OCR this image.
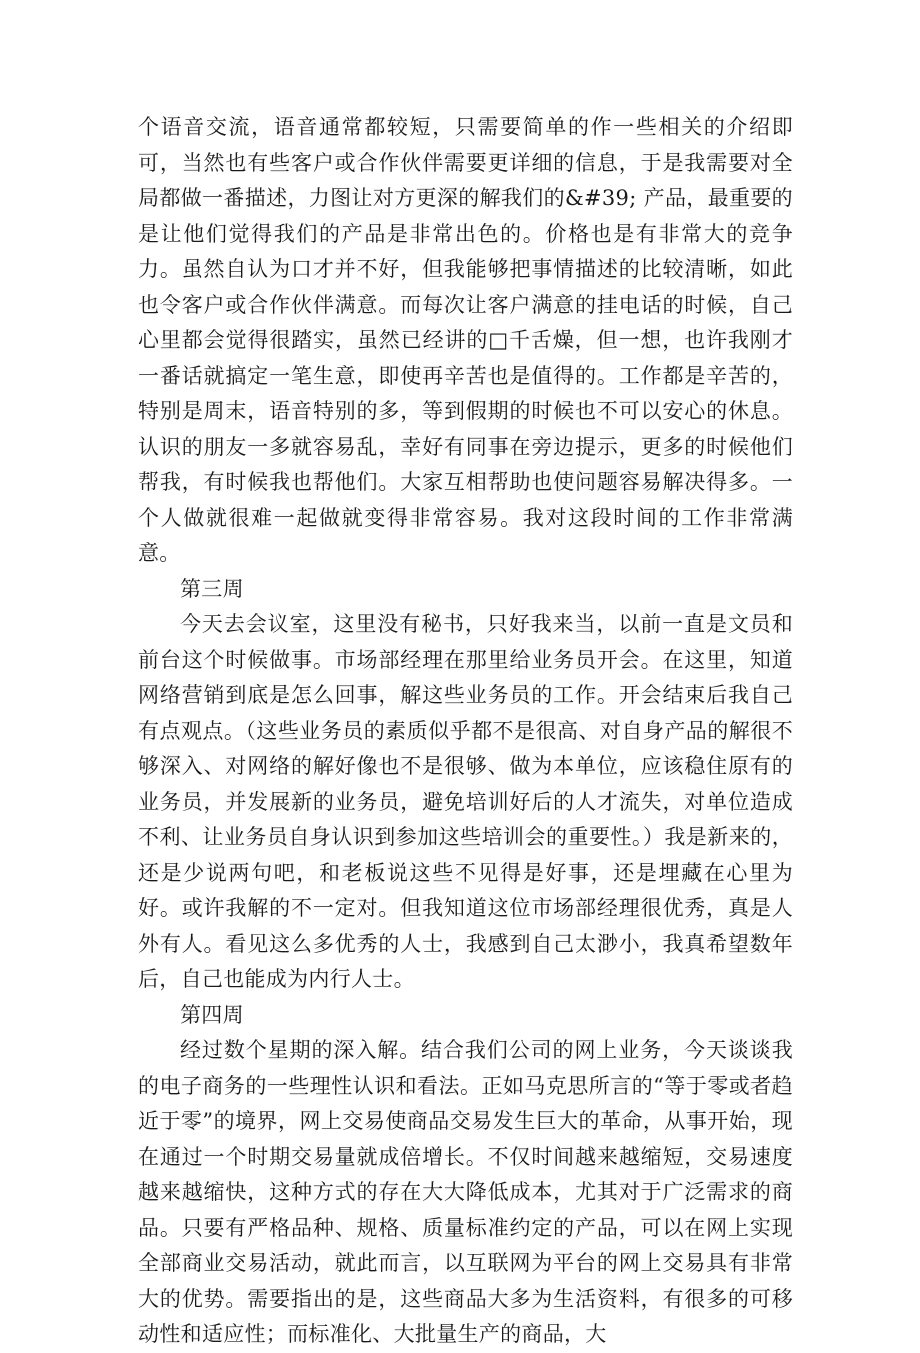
个语音交流，语音通常都较短，只需要简单的作一些相关的介绍即可，当然也有些客户或合作伙伴需要更详细的信息，于是我需要对全局都做一番描述，力图让对方更深的解我们的&#39; 产品，最重要的是让他们觉得我们的产品是非常出色的。价格也是有非常大的竞争力。虽然自认为口才并不好，但我能够把事情描述的比较清晰，如此也令客户或合作伙伴满意。而每次让客户满意的挂电话的时候，自己心里都会觉得很踏实，虽然已经讲的□千舌燥，但一想，也许我刚才一番话就搞定一笔生意，即使再辛苦也是值得的。工作都是辛苦的，特别是周末，语音特别的多，等到假期的时候也不可以安心的休息。认识的朋友一多就容易乱，幸好有同事在旁边提示，更多的时候他们帮我，有时候我也帮他们。大家互相帮助也使问题容易解决得多。一个人做就很难一起做就变得非常容易。我对这段时间的工作非常满意。

第三周

今天去会议室，这里没有秘书，只好我来当，以前一直是文员和前台这个时候做事。市场部经理在那里给业务员开会。在这里，知道网络营销到底是怎么回事，解这些业务员的工作。开会结束后我自己有点观点。（这些业务员的素质似乎都不是很高、对自身产品的解很不够深入、对网络的解好像也不是很够、做为本单位，应该稳住原有的业务员，并发展新的业务员，避免培训好后的人才流失，对单位造成不利、让业务员自身认识到参加这些培训会的重要性。）我是新来的，还是少说两句吧，和老板说这些不见得是好事，还是埋藏在心里为好。或许我解的不一定对。但我知道这位市场部经理很优秀，真是人外有人。看见这么多优秀的人士，我感到自己太渺小，我真希望数年后，自己也能成为内行人士。

第四周

经过数个星期的深入解。结合我们公司的网上业务，今天谈谈我的电子商务的一些理性认识和看法。正如马克思所言的“等于零或者趋近于零”的境界，网上交易使商品交易发生巨大的革命，从事开始，现在通过一个时期交易量就成倍增长。不仅时间越来越缩短，交易速度越来越缩快，这种方式的存在大大降低成本，尤其对于广泛需求的商品。只要有严格品种、规格、质量标准约定的产品，可以在网上实现全部商业交易活动，就此而言，以互联网为平台的网上交易具有非常大的优势。需要指出的是，这些商品大多为生活资料，有很多的可移动性和适应性；而标准化、大批量生产的商品，大
